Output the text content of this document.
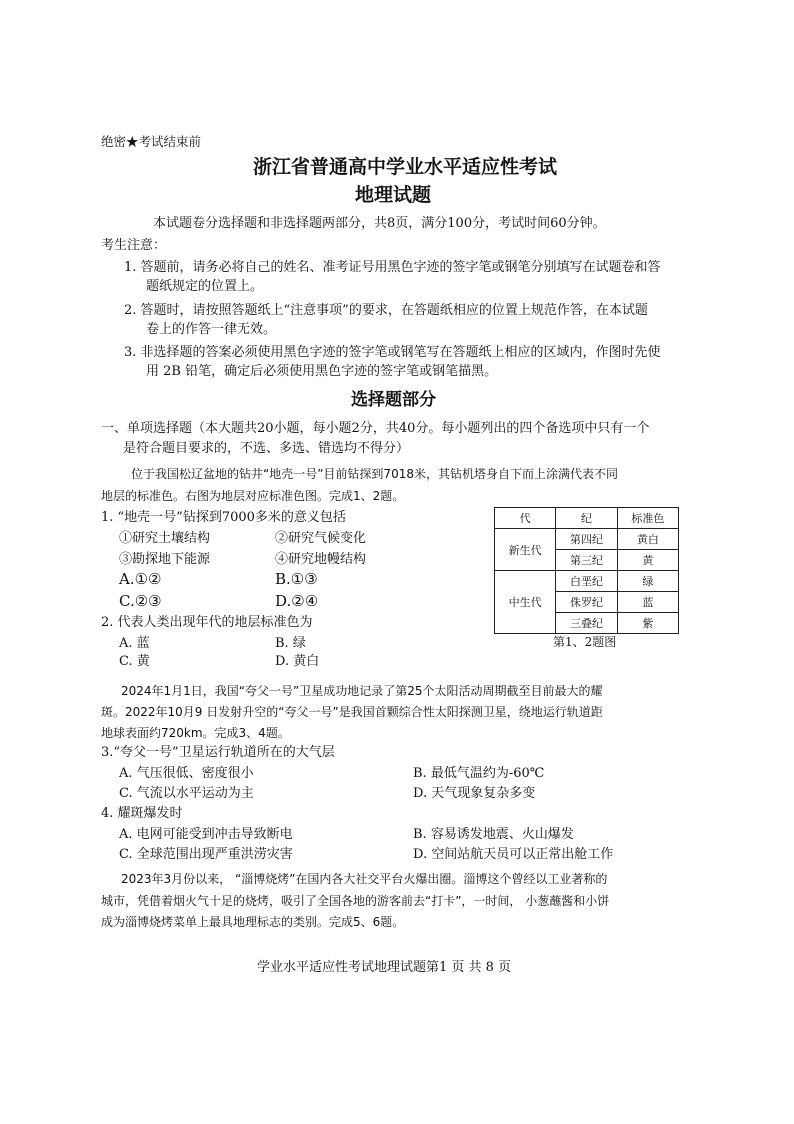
绝密★考试结束前
浙江省普通高中学业水平适应性考试
地理试题
本试题卷分选择题和非选择题两部分，共8页，满分100分，考试时间60分钟。
考生注意：
1. 答题前，请务必将自己的姓名、准考证号用黑色字迹的签字笔或钢笔分别填写在试题卷和答
题纸规定的位置上。
2. 答题时，请按照答题纸上“注意事项”的要求，在答题纸相应的位置上规范作答，在本试题
卷上的作答一律无效。
3. 非选择题的答案必须使用黑色字迹的签字笔或钢笔写在答题纸上相应的区域内，作图时先使
用 2B 铅笔，确定后必须使用黑色字迹的签字笔或钢笔描黑。
选择题部分
一、单项选择题（本大题共20小题，每小题2分，共40分。每小题列出的四个备选项中只有一个
是符合题目要求的，不选、多选、错选均不得分）
位于我国松辽盆地的钻井“地壳一号”目前钻探到7018米，其钻机塔身自下而上涂满代表不同
地层的标准色。右图为地层对应标准色图。完成1、2题。
1. “地壳一号”钻探到7000多米的意义包括
①研究土壤结构	②研究气候变化
③勘探地下能源	④研究地幔结构
A.①②	B.①③
C.②③	D.②④
2. 代表人类出现年代的地层标准色为
A. 蓝	B. 绿
C. 黄	D. 黄白
代	纪	标准色
新生代	第四纪	黄白
	第三纪	黄
中生代	白垩纪	绿
	侏罗纪	蓝
	三叠纪	紫
第1、2题图
2024年1月1日，我国“夸父一号”卫星成功地记录了第25个太阳活动周期截至目前最大的耀
斑。2022年10月9 日发射升空的“夸父一号”是我国首颗综合性太阳探测卫星，绕地运行轨道距
地球表面约720km。完成3、4题。
3.“夸父一号”卫星运行轨道所在的大气层
A. 气压很低、密度很小	B. 最低气温约为-60℃
C. 气流以水平运动为主	D. 天气现象复杂多变
4. 耀斑爆发时
A. 电网可能受到冲击导致断电	B. 容易诱发地震、火山爆发
C. 全球范围出现严重洪涝灾害	D. 空间站航天员可以正常出舱工作
2023年3月份以来， “淄博烧烤”在国内各大社交平台火爆出圈。淄博这个曾经以工业著称的
城市，凭借着烟火气十足的烧烤，吸引了全国各地的游客前去“打卡”，一时间， 小葱蘸酱和小饼
成为淄博烧烤菜单上最具地理标志的类别。完成5、6题。
学业水平适应性考试地理试题第1 页 共 8 页
